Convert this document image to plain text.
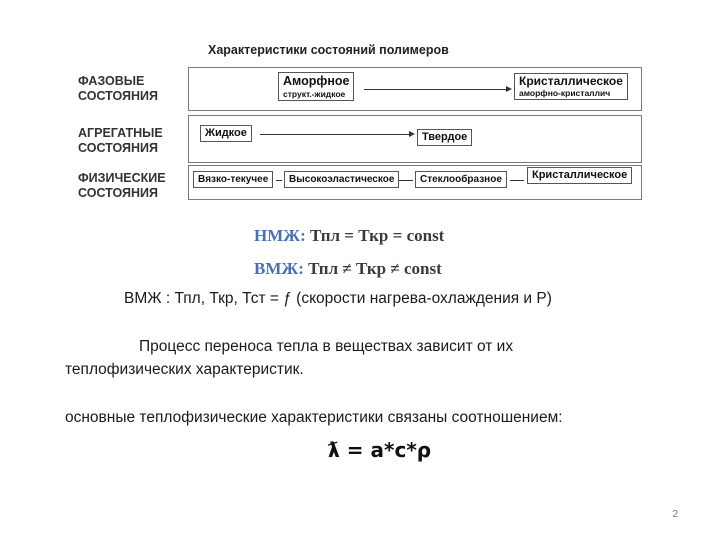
Характеристики состояний полимеров
ФАЗОВЫЕ
СОСТОЯНИЯ
АГРЕГАТНЫЕ
СОСТОЯНИЯ
ФИЗИЧЕСКИЕ
СОСТОЯНИЯ
Аморфное
структ.-жидкое
Кристаллическое
аморфно-кристаллич
Жидкое	Твердое
Вязко-текучее Высокоэластическое	Стеклообразное	Кристаллическое
НМЖ: Тпл = Ткр = const
ВМЖ: Тпл ≠ Ткр ≠ const
ВМЖ : Тпл, Ткр, Тст = ƒ (скорости нагрева-охлаждения и Р)
Процесс переноса тепла в веществах зависит от их
теплофизических характеристик.
основные теплофизические характеристики связаны соотношением:
ƛ = a*c*ρ
2
